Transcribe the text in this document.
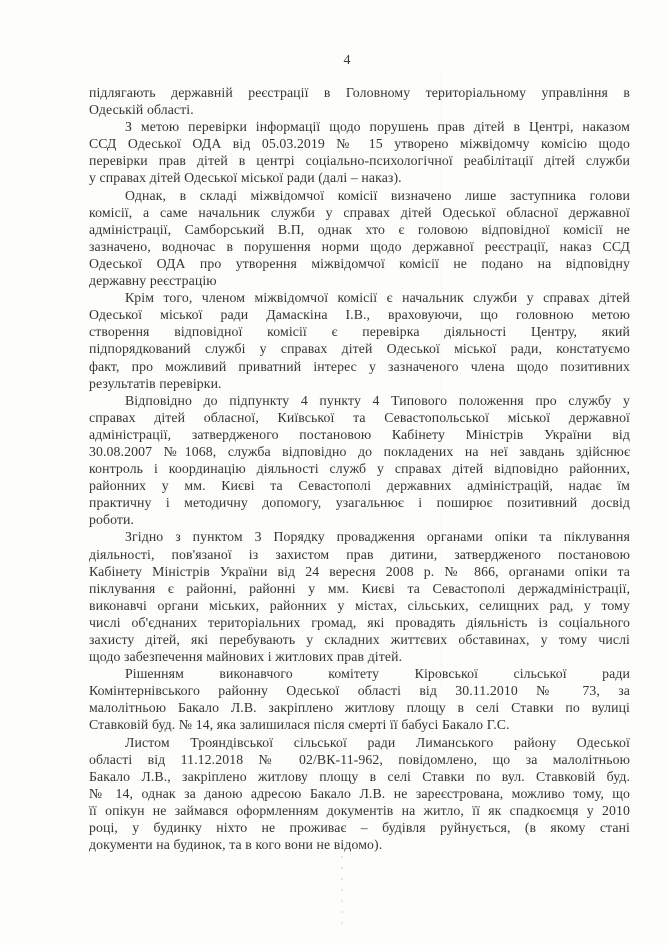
4
підлягають державній реєстрації в Головному територіальному управління в
Одеській області.
З метою перевірки інформації щодо порушень прав дітей в Центрі, наказом
ССД Одеської ОДА від 05.03.2019 № 15 утворено міжвідомчу комісію щодо
перевірки прав дітей в центрі соціально-психологічної реабілітації дітей служби
у справах дітей Одеської міської ради (далі – наказ).
Однак, в складі міжвідомчої комісії визначено лише заступника голови
комісії, а саме начальник служби у справах дітей Одеської обласної державної
адміністрації, Самборський В.П, однак хто є головою відповідної комісії не
зазначено, водночас в порушення норми щодо державної реєстрації, наказ ССД
Одеської ОДА про утворення міжвідомчої комісії не подано на відповідну
державну реєстрацію
Крім того, членом міжвідомчої комісії є начальник служби у справах дітей
Одеської міської ради Дамаскіна І.В., враховуючи, що головною метою
створення відповідної комісії є перевірка діяльності Центру, який
підпорядкований службі у справах дітей Одеської міської ради, констатуємо
факт, про можливий приватний інтерес у зазначеного члена щодо позитивних
результатів перевірки.
Відповідно до підпункту 4 пункту 4 Типового положення про службу у
справах дітей обласної, Київської та Севастопольської міської державної
адміністрації, затвердженого постановою Кабінету Міністрів України від
30.08.2007 №1068, служба відповідно до покладених на неї завдань здійснює
контроль і координацію діяльності служб у справах дітей відповідно районних,
районних у мм. Києві та Севастополі державних адміністрацій, надає їм
практичну і методичну допомогу, узагальнює і поширює позитивний досвід
роботи.
Згідно з пунктом 3 Порядку провадження органами опіки та піклування
діяльності, пов'язаної із захистом прав дитини, затвердженого постановою
Кабінету Міністрів України від 24 вересня 2008 р. № 866, органами опіки та
піклування є районні, районні у мм. Києві та Севастополі держадміністрації,
виконавчі органи міських, районних у містах, сільських, селищних рад, у тому
числі об'єднаних територіальних громад, які провадять діяльність із соціального
захисту дітей, які перебувають у складних життєвих обставинах, у тому числі
щодо забезпечення майнових і житлових прав дітей.
Рішенням виконавчого комітету Кіровської сільської ради
Комінтернівського районну Одеської області від 30.11.2010 № 73, за
малолітньою Бакало Л.В. закріплено житлову площу в селі Ставки по вулиці
Ставковій буд. № 14, яка залишилася після смерті її бабусі Бакало Г.С.
Листом Трояндівської сільської ради Лиманського району Одеської
області від 11.12.2018 № 02/ВК-11-962, повідомлено, що за малолітньою
Бакало Л.В., закріплено житлову площу в селі Ставки по вул. Ставковій буд.
№ 14, однак за даною адресою Бакало Л.В. не зареєстрована, можливо тому, що
її опікун не займався оформленням документів на житло, її як спадкоємця у 2010
році, у будинку ніхто не проживає – будівля руйнується, (в якому стані
документи на будинок, та в кого вони не відомо).
